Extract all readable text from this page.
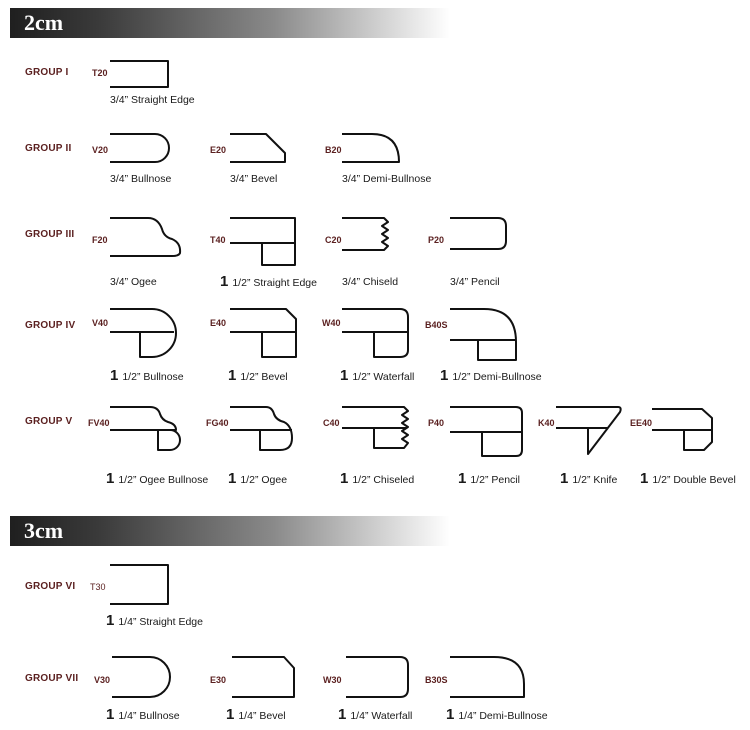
2cm
3cm
GROUP I
GROUP II
GROUP III
GROUP IV
GROUP V
GROUP VI
GROUP VII
T20
3/4” Straight Edge
V20
3/4” Bullnose
E20
3/4” Bevel
B20
3/4” Demi-Bullnose
F20
3/4” Ogee
T40
1 1/2” Straight Edge
C20
3/4” Chiseld
P20
3/4” Pencil
V40
1 1/2” Bullnose
E40
1 1/2” Bevel
W40
1 1/2” Waterfall
B40S
1 1/2” Demi-Bullnose
FV40
1 1/2” Ogee Bullnose
FG40
1 1/2” Ogee
C40
1 1/2” Chiseled
P40
1 1/2” Pencil
K40
1 1/2” Knife
EE40
1 1/2” Double Bevel
T30
1 1/4” Straight Edge
V30
1 1/4” Bullnose
E30
1 1/4” Bevel
W30
1 1/4” Waterfall
B30S
1 1/4” Demi-Bullnose
